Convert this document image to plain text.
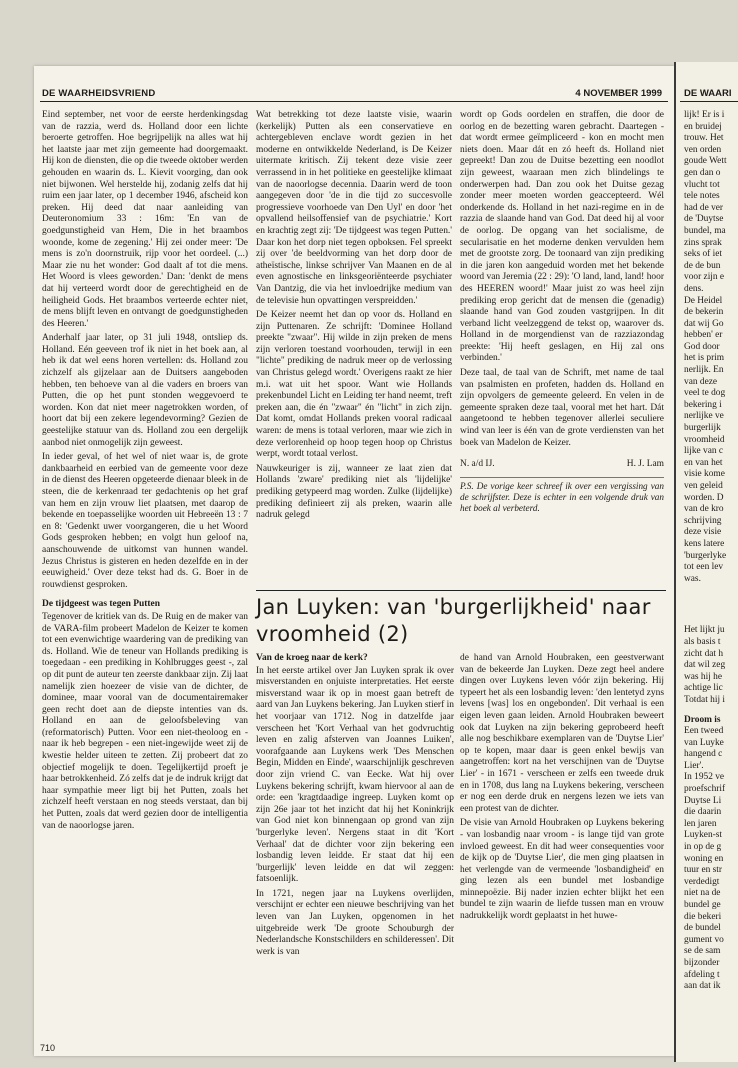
DE WAARHEIDSVRIEND	4 NOVEMBER 1999

Eind september, net voor de eerste herdenkingsdag van de razzia, werd ds. Holland door een lichte beroerte getroffen. Hoe begrijpelijk na alles wat hij het laatste jaar met zijn gemeente had doorgemaakt. Hij kon de diensten, die op die tweede oktober werden gehouden en waarin ds. L. Kievit voorging, dan ook niet bijwonen. Wel herstelde hij, zodanig zelfs dat hij ruim een jaar later, op 1 december 1946, afscheid kon preken. Hij deed dat naar aanleiding van Deuteronomium 33 : 16m: 'En van de goedgunstigheid van Hem, Die in het braambos woonde, kome de zegening.' Hij zei onder meer: 'De mens is zo'n doornstruik, rijp voor het oordeel. (...) Maar zie nu het wonder: God daalt af tot die mens. Het Woord is vlees geworden.' Dan: 'denkt de mens dat hij verteerd wordt door de gerechtigheid en de heiligheid Gods. Het braambos verteerde echter niet, de mens blijft leven en ontvangt de goedgunstigheden des Heeren.'

Anderhalf jaar later, op 31 juli 1948, ontsliep ds. Holland. Eén geeveen trof ik niet in het boek aan, al heb ik dat wel eens horen vertellen: ds. Holland zou zichzelf als gijzelaar aan de Duitsers aangeboden hebben, ten behoeve van al die vaders en broers van Putten, die op het punt stonden weggevoerd te worden. Kon dat niet meer nagetrokken worden, of hoort dat bij een zekere legendevorming? Gezien de geestelijke statuur van ds. Holland zou een dergelijk aanbod niet onmogelijk zijn geweest.

In ieder geval, of het wel of niet waar is, de grote dankbaarheid en eerbied van de gemeente voor deze in de dienst des Heeren opgeteerde dienaar bleek in de steen, die de kerkenraad ter gedachtenis op het graf van hem en zijn vrouw liet plaatsen, met daarop de bekende en toepasselijke woorden uit Hebreeën 13 : 7 en 8: 'Gedenkt uwer voorgangeren, die u het Woord Gods gesproken hebben; en volgt hun geloof na, aanschouwende de uitkomst van hunnen wandel. Jezus Christus is gisteren en heden dezelfde en in der eeuwigheid.' Over deze tekst had ds. G. Boer in de rouwdienst gesproken.

De tijdgeest was tegen Putten

Tegenover de kritiek van ds. De Ruig en de maker van de VARA-film probeert Madelon de Keizer te komen tot een evenwichtige waardering van de prediking van ds. Holland. Wie de teneur van Hollands prediking is toegedaan - een prediking in Kohlbrugges geest -, zal op dit punt de auteur ten zeerste dankbaar zijn. Zij laat namelijk zien hoezeer de visie van de dichter, de dominee, maar vooral van de documentairemaker geen recht doet aan de diepste intenties van ds. Holland en aan de geloofsbeleving van (reformatorisch) Putten. Voor een niet-theoloog en - naar ik heb begrepen - een niet-ingewijde weet zij de kwestie helder uiteen te zetten. Zij probeert dat zo objectief mogelijk te doen. Tegelijkertijd proeft je haar betrokkenheid. Zó zelfs dat je de indruk krijgt dat haar sympathie meer ligt bij het Putten, zoals het zichzelf heeft verstaan en nog steeds verstaat, dan bij het Putten, zoals dat werd gezien door de intelligentia van de naoorlogse jaren.

Wat betrekking tot deze laatste visie, waarin (kerkelijk) Putten als een conservatieve en achtergebleven enclave wordt gezien in het moderne en ontwikkelde Nederland, is De Keizer uitermate kritisch. Zij tekent deze visie zeer verrassend in in het politieke en geestelijke klimaat van de naoorlogse decennia. Daarin werd de toon aangegeven door 'de in die tijd zo succesvolle progressieve voorhoede van Den Uyl' en door 'het opvallend heilsoffensief van de psychiatrie.' Kort en krachtig zegt zij: 'De tijdgeest was tegen Putten.' Daar kon het dorp niet tegen opboksen. Fel spreekt zij over 'de beeldvorming van het dorp door de atheïstische, linkse schrijver Van Maanen en de al even agnostische en linksgeoriënteerde psychiater Van Dantzig, die via het invloedrijke medium van de televisie hun opvattingen verspreidden.'

De Keizer neemt het dan op voor ds. Holland en zijn Puttenaren. Ze schrijft: 'Dominee Holland preekte "zwaar". Hij wilde in zijn preken de mens zijn verloren toestand voorhouden, terwijl in een "lichte" prediking de nadruk meer op de verlossing van Christus gelegd wordt.' Overigens raakt ze hier m.i. wat uit het spoor. Want wie Hollands prekenbundel Licht en Leiding ter hand neemt, treft preken aan, die én "zwaar" én "licht" in zich zijn. Dat komt, omdat Hollands preken vooral radicaal waren: de mens is totaal verloren, maar wie zich in deze verlorenheid op hoop tegen hoop op Christus werpt, wordt totaal verlost.

Nauwkeuriger is zij, wanneer ze laat zien dat Hollands 'zware' prediking niet als 'lijdelijke' prediking getypeerd mag worden. Zulke (lijdelijke) prediking definieert zij als preken, waarin alle nadruk gelegd

wordt op Gods oordelen en straffen, die door de oorlog en de bezetting waren gebracht. Daartegen - dat wordt ermee geïmpliceerd - kon en mocht men niets doen. Maar dát en zó heeft ds. Holland niet gepreekt! Dan zou de Duitse bezetting een noodlot zijn geweest, waaraan men zich blindelings te onderwerpen had. Dan zou ook het Duitse gezag zonder meer moeten worden geaccepteerd. Wél onderkende ds. Holland in het nazi-regime en in de razzia de slaande hand van God. Dat deed hij al voor de oorlog. De opgang van het socialisme, de secularisatie en het moderne denken vervulden hem met de grootste zorg. De toonaard van zijn prediking in die jaren kon aangeduid worden met het bekende woord van Jeremia (22 : 29): 'O land, land, land! hoor des HEEREN woord!' Maar juist zo was heel zijn prediking erop gericht dat de mensen die (genadig) slaande hand van God zouden vastgrijpen. In dit verband licht veelzeggend de tekst op, waarover ds. Holland in de morgendienst van de razziazondag preekte: 'Hij heeft geslagen, en Hij zal ons verbinden.'

Deze taal, de taal van de Schrift, met name de taal van psalmisten en profeten, hadden ds. Holland en zijn opvolgers de gemeente geleerd. En velen in de gemeente spraken deze taal, vooral met het hart. Dát aangetoond te hebben tegenover allerlei seculiere wind van leer is één van de grote verdiensten van het boek van Madelon de Keizer.

N. a/d IJ.	H. J. Lam
P.S. De vorige keer schreef ik over een vergissing van de schrijfster. Deze is echter in een volgende druk van het boek al verbeterd.
Jan Luyken: van 'burgerlijkheid' naar vroomheid (2)
Van de kroeg naar de kerk?

In het eerste artikel over Jan Luyken sprak ik over misverstanden en onjuiste interpretaties. Het eerste misverstand waar ik op in moest gaan betreft de aard van Jan Luykens bekering. Jan Luyken stierf in het voorjaar van 1712. Nog in datzelfde jaar verscheen het 'Kort Verhaal van het godvruchtig leven en zalig afsterven van Joannes Luiken', voorafgaande aan Luykens werk 'Des Menschen Begin, Midden en Einde', waarschijnlijk geschreven door zijn vriend C. van Eecke. Wat hij over Luykens bekering schrijft, kwam hiervoor al aan de orde: een 'kragtdaadige ingreep. Luyken komt op zijn 26e jaar tot het inzicht dat hij het Koninkrijk van God niet kon binnengaan op grond van zijn 'burgerlyke leven'. Nergens staat in dit 'Kort Verhaal' dat de dichter voor zijn bekering een losbandig leven leidde. Er staat dat hij een 'burgerlijk' leven leidde en dat wil zeggen: fatsoenlijk.

In 1721, negen jaar na Luykens overlijden, verschijnt er echter een nieuwe beschrijving van het leven van Jan Luyken, opgenomen in het uitgebreide werk 'De groote Schouburgh der Nederlandsche Konstschilders en schilderessen'. Dit werk is van

de hand van Arnold Houbraken, een geestverwant van de bekeerde Jan Luyken. Deze zegt heel andere dingen over Luykens leven vóór zijn bekering. Hij typeert het als een losbandig leven: 'den lentetyd zyns levens [was] los en ongebonden'. Dit verhaal is een eigen leven gaan leiden. Arnold Houbraken beweert ook dat Luyken na zijn bekering geprobeerd heeft alle nog beschikbare exemplaren van de 'Duytse Lier' op te kopen, maar daar is geen enkel bewijs van aangetroffen: kort na het verschijnen van de 'Duytse Lier' - in 1671 - verscheen er zelfs een tweede druk en in 1708, dus lang na Luykens bekering, verscheen er nog een derde druk en nergens lezen we iets van een protest van de dichter.

De visie van Arnold Houbraken op Luykens bekering - van losbandig naar vroom - is lange tijd van grote invloed geweest. En dit had weer consequenties voor de kijk op de 'Duytse Lier', die men ging plaatsen in het verlengde van de vermeende 'losbandigheid' en ging lezen als een bundel met losbandige minnepoëzie. Bij nader inzien echter blijkt het een bundel te zijn waarin de liefde tussen man en vrouw nadrukkelijk wordt geplaatst in het huwe-

710
DE WAARI
lijk! Er is i
en bruidej
trouw. Het
ven orden
goude Wett
gen dan o
vlucht tot
tele notes
had de ver
de 'Duytse
bundel, ma
zins sprak
seks of iet
de de bun
voor zijn e
dens.
De Heidel
de bekerin
dat wij Go
hebben' er
God door
het is prim
nerlijk. En
van deze
veel te dog
bekering i
nerlijke ve
burgerlijk
vroomheid
lijke van c
en van het
visie kome
ven geleid
worden. D
van de kro
schrijving
deze visie
kens latere
'burgerlyke
tot een lev
was.
Het lijkt ju
als basis t
zicht dat h
dat wil zeg
was hij he
achtige lic
Totdat hij i
Droom is
Een tweed
van Luyke
hangend c
Lier'.
In 1952 ve
proefschrif
Duytse Li
die daarin
len jaren
Luyken-st
in op de g
woning en
tuur en str
verdedigt
niet na de
bundel ge
die bekeri
de bundel
gument vo
se de sam
bijzonder
afdeling t
aan dat ik
